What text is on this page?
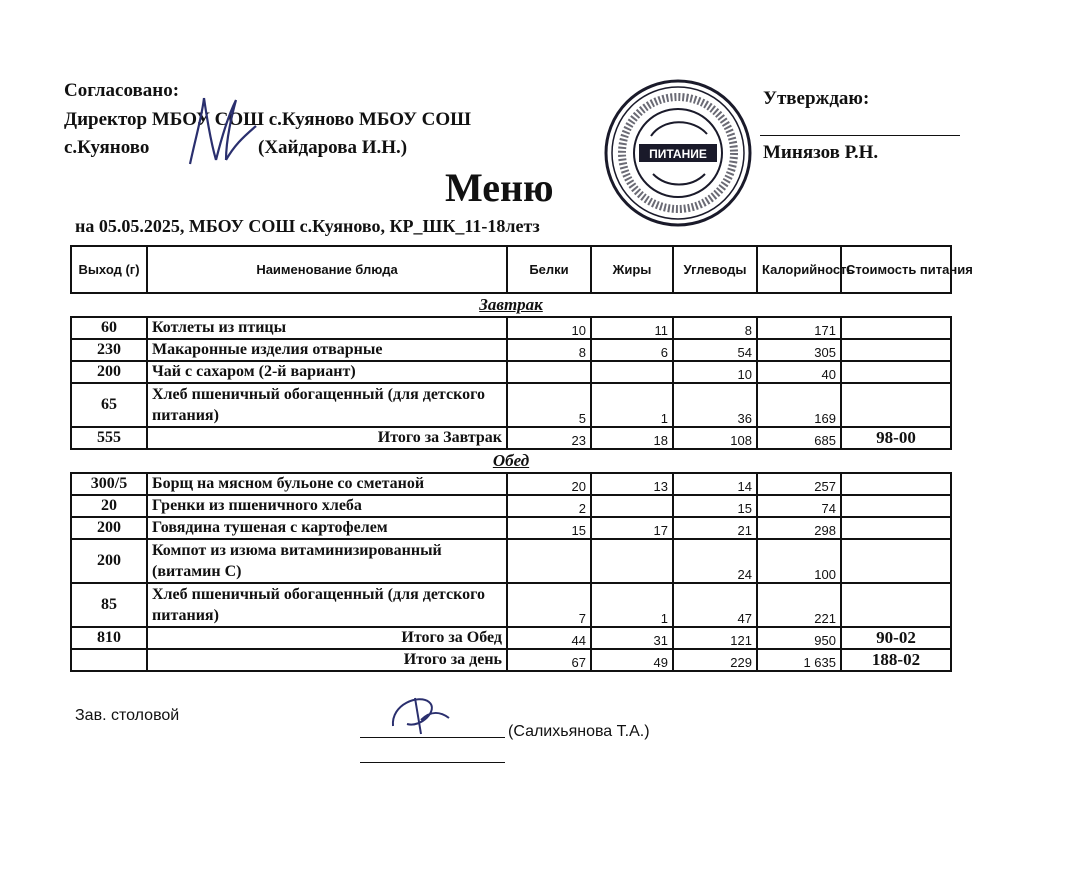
Согласовано:
Директор МБОУ СОШ с.Куяново МБОУ СОШ
с.Куяново	(Хайдарова И.Н.)	ПИТАНИЕ
Утверждаю:
Минязов Р.Н.
Меню
на 05.05.2025, МБОУ СОШ с.Куяново, КР_ШК_11-18летз
Выход (г)	Наименование блюда	Белки	Жиры	Углеводы	Калорийность	Стоимость питания
Завтрак						
60	Котлеты из птицы	10	11	8	171	
230	Макаронные изделия отварные	8	6	54	305	
200	Чай с сахаром (2-й вариант)			10	40	
65	Хлеб пшеничный обогащенный (для детского питания)	5	1	36	169	
555	Итого за Завтрак	23	18	108	685	98-00
Обед						
300/5	Борщ на мясном бульоне со сметаной	20	13	14	257	
20	Гренки из пшеничного хлеба	2		15	74	
200	Говядина тушеная с картофелем	15	17	21	298	
200	Компот из изюма витаминизированный (витамин С)			24	100	
85	Хлеб пшеничный обогащенный (для детского питания)	7	1	47	221	
810	Итого за Обед	44	31	121	950	90-02
	Итого за день	67	49	229	1 635	188-02
Зав. столовой
(Салихьянова Т.А.)
